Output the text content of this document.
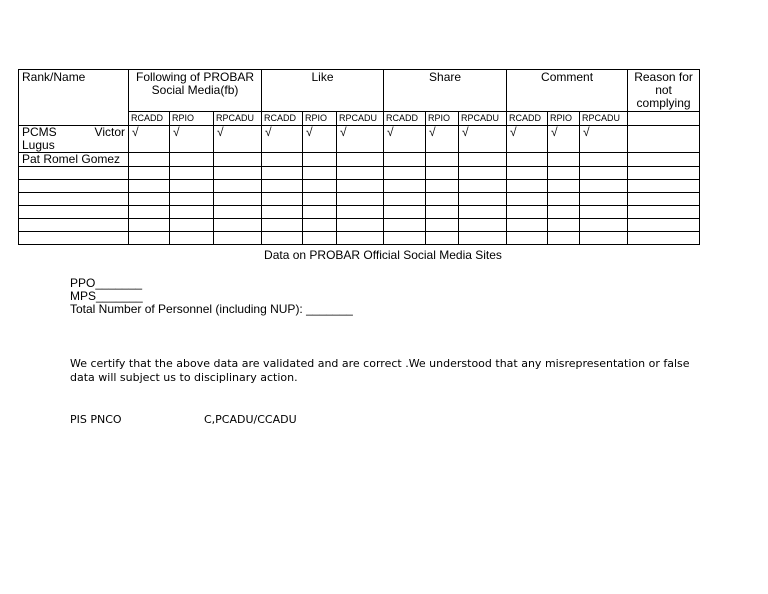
Rank/Name	Following of PROBAR Social Media(fb)			Like			Share			Comment			Reason for not complying
	RCADD	RPIO	RPCADU	RCADD	RPIO	RPCADU	RCADD	RPIO	RPCADU	RCADD	RPIO	RPCADU	
PCMS Victor Lugus	√	√	√	√	√	√	√	√	√	√	√	√	
Pat Romel Gomez													

Data on PROBAR Official Social Media Sites
PPO_______
MPS_______
Total Number of Personnel (including NUP): _______
We certify that the above data are validated and are correct .We understood that any misrepresentation or false data will subject us to disciplinary action.
PIS PNCO	C,PCADU/CCADU
